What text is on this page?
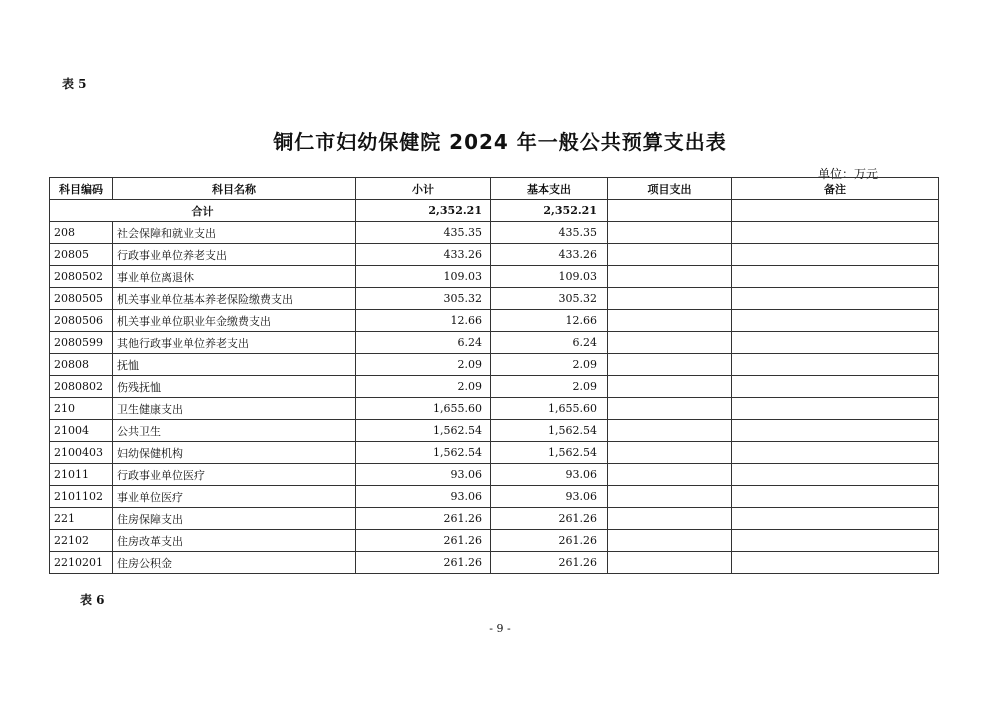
表 5
铜仁市妇幼保健院 2024 年一般公共预算支出表
单位：万元
科目编码	科目名称	小计	基本支出	项目支出	备注
合计		2,352.21	2,352.21		
208	社会保障和就业支出	435.35	435.35		
20805	行政事业单位养老支出	433.26	433.26		
2080502	事业单位离退休	109.03	109.03		
2080505	机关事业单位基本养老保险缴费支出	305.32	305.32		
2080506	机关事业单位职业年金缴费支出	12.66	12.66		
2080599	其他行政事业单位养老支出	6.24	6.24		
20808	抚恤	2.09	2.09		
2080802	伤残抚恤	2.09	2.09		
210	卫生健康支出	1,655.60	1,655.60		
21004	公共卫生	1,562.54	1,562.54		
2100403	妇幼保健机构	1,562.54	1,562.54		
21011	行政事业单位医疗	93.06	93.06		
2101102	事业单位医疗	93.06	93.06		
221	住房保障支出	261.26	261.26		
22102	住房改革支出	261.26	261.26		
2210201	住房公积金	261.26	261.26		
表 6
- 9 -
